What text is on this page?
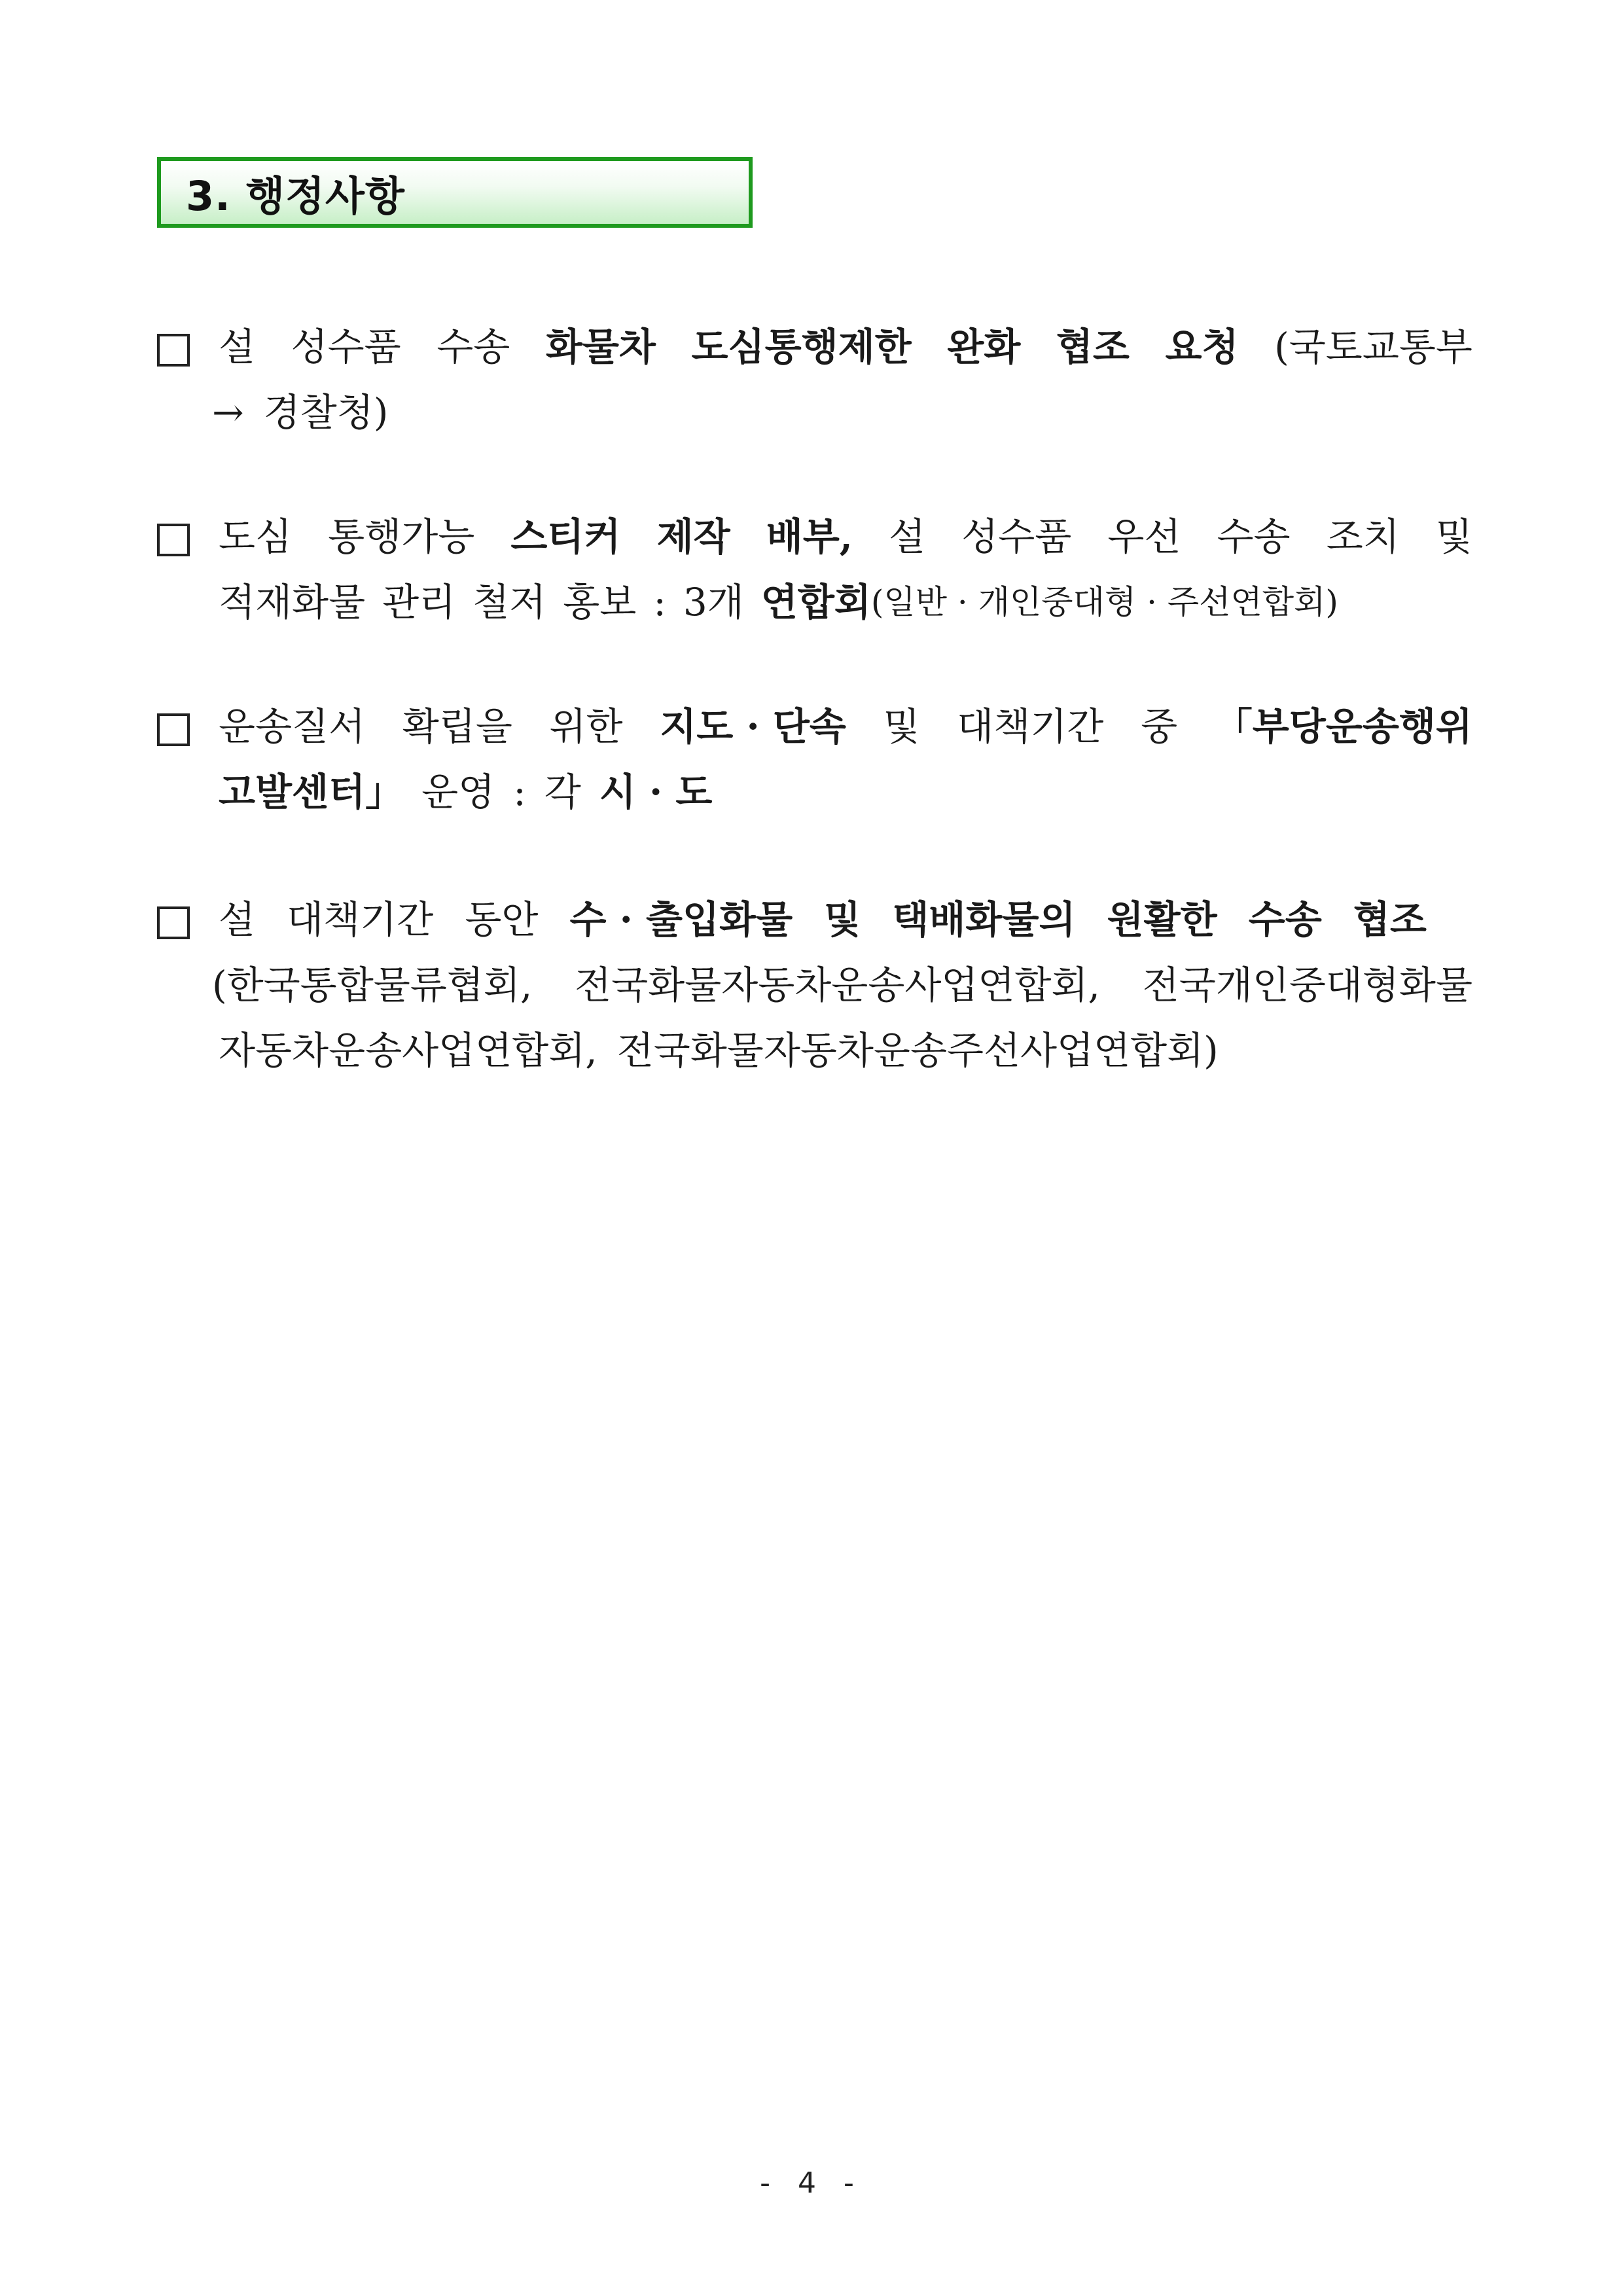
3. 행정사항
설 성수품 수송 화물차 도심통행제한 완화 협조 요청 (국토교통부
→ 경찰청)
도심 통행가능 스티커 제작 배부, 설 성수품 우선 수송 조치 및
적재화물 관리 철저 홍보 : 3개 연합회 (일반 · 개인중대형 · 주선연합회)
운송질서 확립을 위한 지도 · 단속 및 대책기간 중 「부당운송행위
고발센터」 운영 : 각 시 · 도
설 대책기간 동안 수 · 출입화물 및 택배화물의 원활한 수송 협조
(한국통합물류협회, 전국화물자동차운송사업연합회, 전국개인중대형화물
자동차운송사업연합회, 전국화물자동차운송주선사업연합회)
- 4 -
